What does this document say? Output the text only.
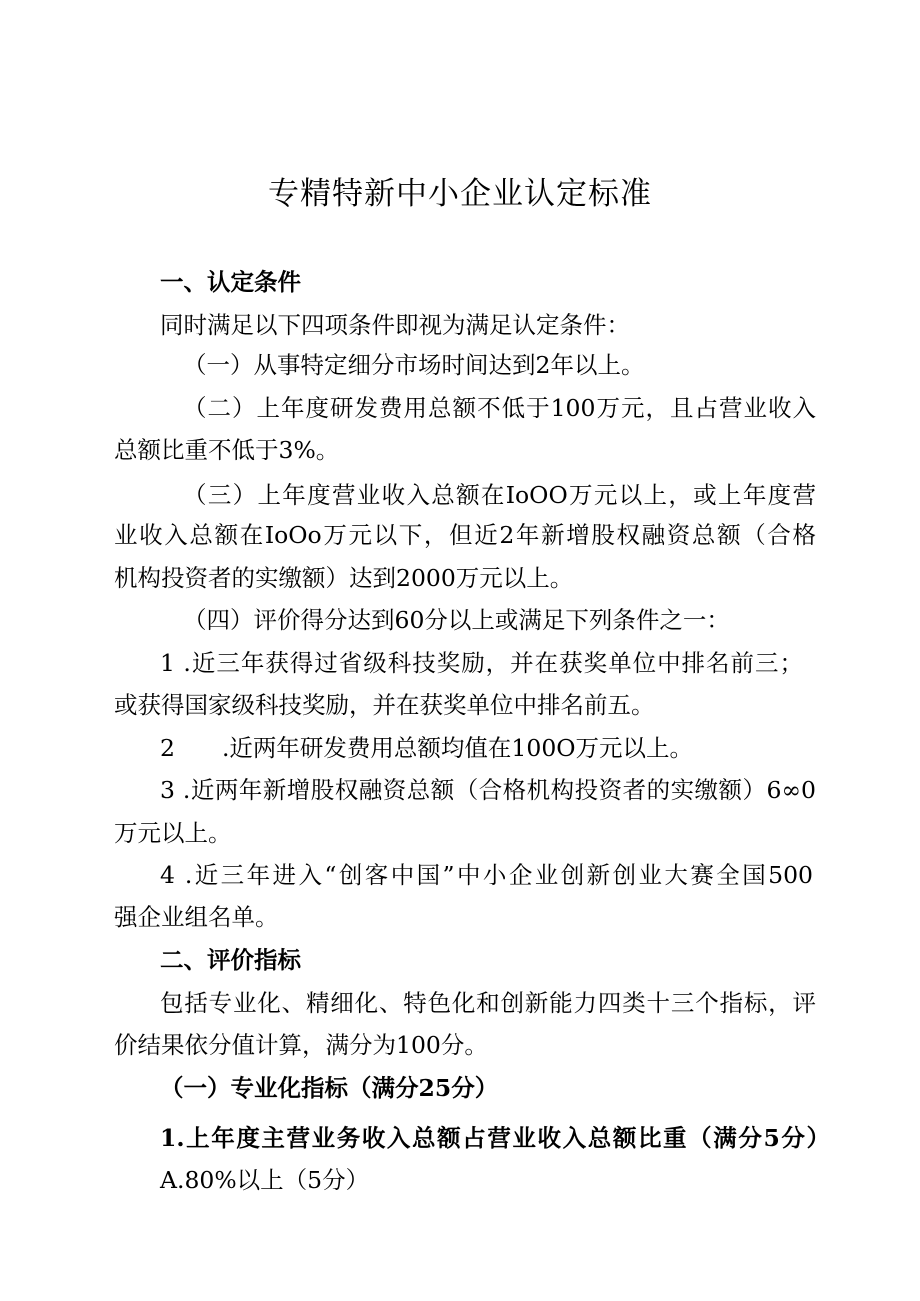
专精特新中小企业认定标准
一、认定条件
同时满足以下四项条件即视为满足认定条件：
（一）从事特定细分市场时间达到2年以上。
（二）上年度研发费用总额不低于100万元，且占营业收入
总额比重不低于3%。
（三）上年度营业收入总额在IoOO万元以上，或上年度营
业收入总额在IoOo万元以下，但近2年新增股权融资总额（合格
机构投资者的实缴额）达到2000万元以上。
（四）评价得分达到60分以上或满足下列条件之一：
1 .近三年获得过省级科技奖励，并在获奖单位中排名前三；
或获得国家级科技奖励，并在获奖单位中排名前五。
2　　.近两年研发费用总额均值在100O万元以上。
3 .近两年新增股权融资总额（合格机构投资者的实缴额）6∞0
万元以上。
4 .近三年进入“创客中国”中小企业创新创业大赛全国500
强企业组名单。
二、评价指标
包括专业化、精细化、特色化和创新能力四类十三个指标，评
价结果依分值计算，满分为100分。
（一）专业化指标（满分25分）
1.上年度主营业务收入总额占营业收入总额比重（满分5分）
A.80%以上（5分）
